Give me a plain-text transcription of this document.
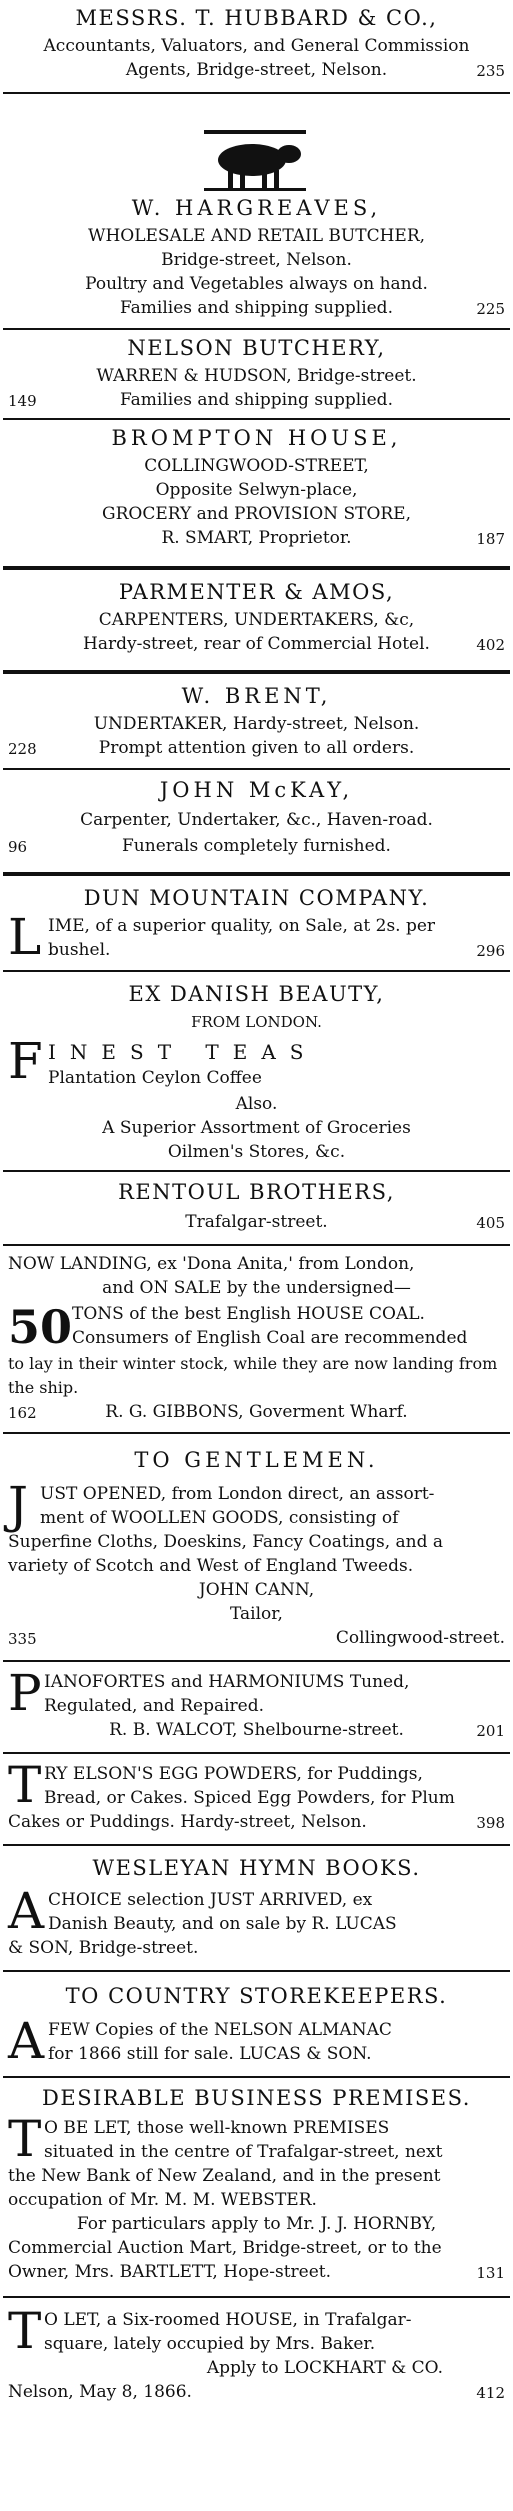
MESSRS. T. HUBBARD & CO.,
Accountants, Valuators, and General Commission
Agents, Bridge-street, Nelson.	235
W. HARGREAVES,
WHOLESALE AND RETAIL BUTCHER,
Bridge-street, Nelson.
Poultry and Vegetables always on hand.
Families and shipping supplied.	225
NELSON BUTCHERY,
WARREN & HUDSON, Bridge-street.
Families and shipping supplied.
149
BROMPTON HOUSE,
COLLINGWOOD-STREET,
Opposite Selwyn-place,
GROCERY and PROVISION STORE,
R. SMART, Proprietor.	187
PARMENTER & AMOS,
CARPENTERS, UNDERTAKERS, &c,
Hardy-street, rear of Commercial Hotel.	402
W. BRENT,
UNDERTAKER, Hardy-street, Nelson.
Prompt attention given to all orders.
228
JOHN McKAY,
Carpenter, Undertaker, &c., Haven-road.
Funerals completely furnished.
96
DUN MOUNTAIN COMPANY.
L IME, of a superior quality, on Sale, at 2s. per
bushel.	296
EX DANISH BEAUTY,
FROM LONDON.
F INEST TEAS
Plantation Ceylon Coffee
Also.
A Superior Assortment of Groceries
Oilmen's Stores, &c.
RENTOUL BROTHERS,
Trafalgar-street.	405
NOW LANDING, ex 'Dona Anita,' from London,
and ON SALE by the undersigned—
50 TONS of the best English HOUSE COAL.
Consumers of English Coal are recommended
to lay in their winter stock, while they are now landing from the ship.
R. G. GIBBONS, Goverment Wharf.
162
TO GENTLEMEN.
J UST OPENED, from London direct, an assort-
ment of WOOLLEN GOODS, consisting of
Superfine Cloths, Doeskins, Fancy Coatings, and a
variety of Scotch and West of England Tweeds.
JOHN CANN,
Tailor,
Collingwood-street.
335
P IANOFORTES and HARMONIUMS Tuned,
Regulated, and Repaired.
R. B. WALCOT, Shelbourne-street.	201
T RY ELSON'S EGG POWDERS, for Puddings,
Bread, or Cakes. Spiced Egg Powders, for Plum
Cakes or Puddings. Hardy-street, Nelson.	398
WESLEYAN HYMN BOOKS.
A CHOICE selection JUST ARRIVED, ex
Danish Beauty, and on sale by R. LUCAS
& SON, Bridge-street.
TO COUNTRY STOREKEEPERS.
A FEW Copies of the NELSON ALMANAC
for 1866 still for sale. LUCAS & SON.
DESIRABLE BUSINESS PREMISES.
T O BE LET, those well-known PREMISES
situated in the centre of Trafalgar-street, next
the New Bank of New Zealand, and in the present
occupation of Mr. M. M. WEBSTER.
For particulars apply to Mr. J. J. HORNBY,
Commercial Auction Mart, Bridge-street, or to the
Owner, Mrs. BARTLETT, Hope-street.	131
T O LET, a Six-roomed HOUSE, in Trafalgar-
square, lately occupied by Mrs. Baker.
Apply to LOCKHART & CO.
Nelson, May 8, 1866.	412
